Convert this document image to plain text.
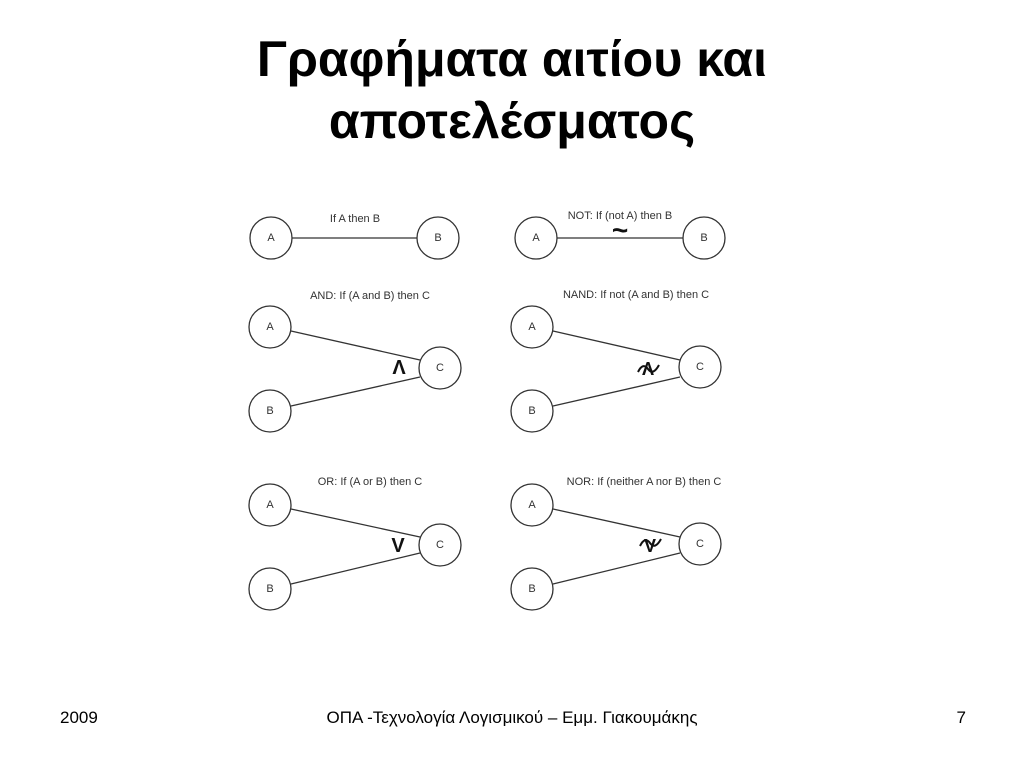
Γραφήματα αιτίου και
αποτελέσματος
If A then B
A	B
NOT: If (not A) then B
~
A	B
AND: If (A and B) then C
Λ
A
B
C
NAND: If not (A and B) then C
Λ
A
B
C
OR: If (A or B) then C
V
A
B
C
NOR: If (neither A nor B) then C
V
A
B
C
2009	ΟΠΑ -Τεχνολογία Λογισμικού – Εμμ. Γιακουμάκης	7
